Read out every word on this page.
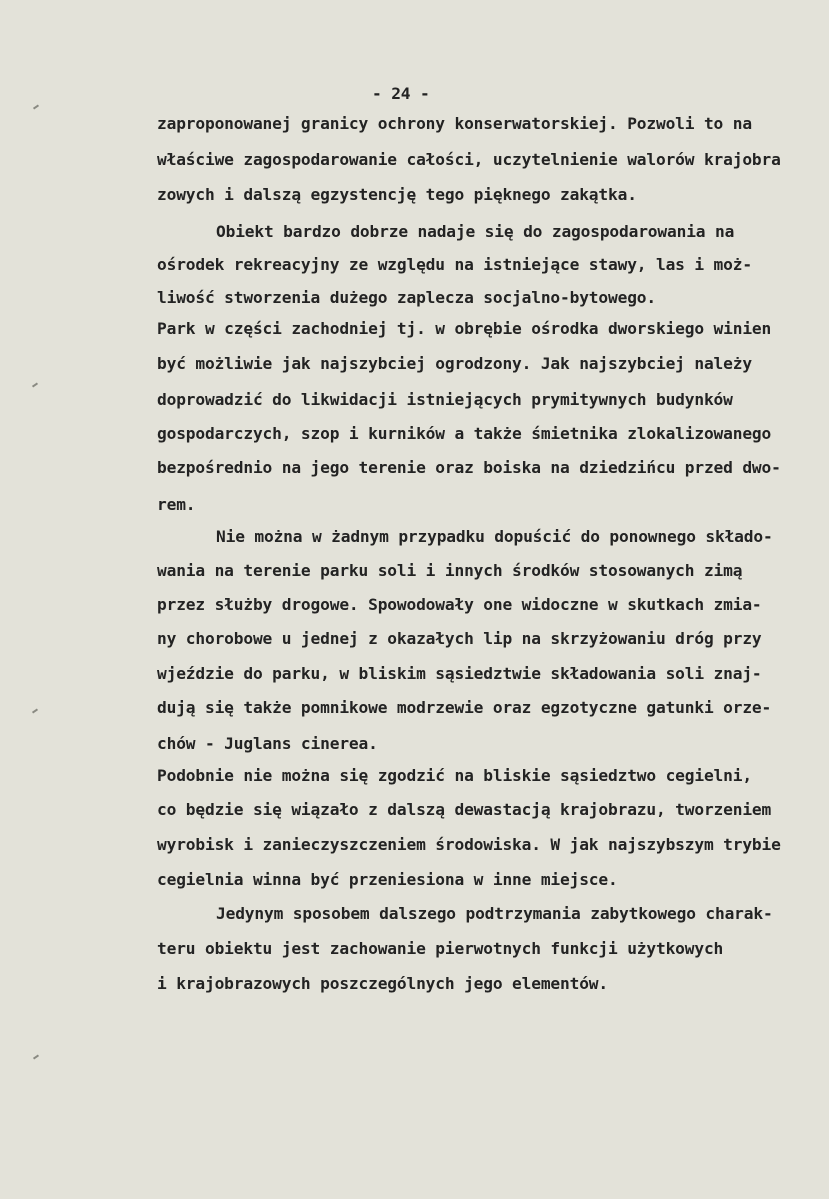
- 24 -
zaproponowanej granicy ochrony konserwatorskiej. Pozwoli to na
właściwe zagospodarowanie całości, uczytelnienie walorów krajobra
zowych i dalszą egzystencję tego pięknego zakątka.
Obiekt bardzo dobrze nadaje się do zagospodarowania na
ośrodek rekreacyjny ze względu na istniejące stawy, las i moż-
liwość stworzenia dużego zaplecza socjalno-bytowego.
Park w części zachodniej tj. w obrębie ośrodka dworskiego winien
być możliwie jak najszybciej ogrodzony. Jak najszybciej należy
doprowadzić do likwidacji istniejących prymitywnych budynków
gospodarczych, szop i kurników a także śmietnika zlokalizowanego
bezpośrednio na jego terenie oraz boiska na dziedzińcu przed dwo-
rem.
Nie można w żadnym przypadku dopuścić do ponownego składo-
wania na terenie parku soli i innych środków stosowanych zimą
przez służby drogowe. Spowodowały one widoczne w skutkach zmia-
ny chorobowe u jednej z okazałych lip na skrzyżowaniu dróg przy
wjeździe do parku, w bliskim sąsiedztwie składowania soli znaj-
dują się także pomnikowe modrzewie oraz egzotyczne gatunki orze-
chów - Juglans cinerea.
Podobnie nie można się zgodzić na bliskie sąsiedztwo cegielni,
co będzie się wiązało z dalszą dewastacją krajobrazu, tworzeniem
wyrobisk i zanieczyszczeniem środowiska. W jak najszybszym trybie
cegielnia winna być przeniesiona w inne miejsce.
Jedynym sposobem dalszego podtrzymania zabytkowego charak-
teru obiektu jest zachowanie pierwotnych funkcji użytkowych
i krajobrazowych poszczególnych jego elementów.
